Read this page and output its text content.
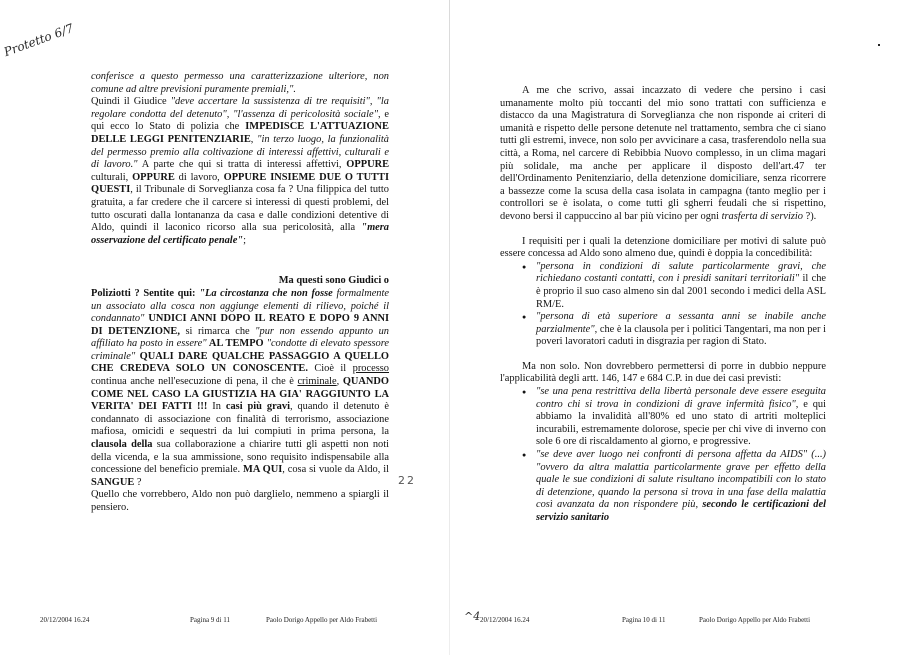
Protetto 6/7

conferisce a questo permesso una caratterizzazione ulteriore, non comune ad altre previsioni puramente premiali,".

Quindi il Giudice "deve accertare la sussistenza di tre requisiti", "la regolare condotta del detenuto", "l'assenza di pericolosità sociale", e qui ecco lo Stato di polizia che IMPEDISCE L'ATTUAZIONE DELLE LEGGI PENITENZIARIE, "in terzo luogo, la funzionalità del permesso premio alla coltivazione di interessi affettivi, culturali e di lavoro." A parte che qui si tratta di interessi affettivi, OPPURE culturali, OPPURE di lavoro, OPPURE INSIEME DUE O TUTTI QUESTI, il Tribunale di Sorveglianza cosa fa ? Una filippica del tutto gratuita, a far credere che il carcere si interessi di questi problemi, del tutto oscurati dalla lontananza da casa e dalle condizioni detentive di Aldo, quindi il laconico ricorso alla sua pericolosità, alla "mera osservazione del certificato penale";

Ma questi sono Giudici o

Poliziotti ? Sentite qui: "La circostanza che non fosse formalmente un associato alla cosca non aggiunge elementi di rilievo, poiché il condannato" UNDICI ANNI DOPO IL REATO E DOPO 9 ANNI DI DETENZIONE, si rimarca che "pur non essendo appunto un affiliato ha posto in essere" AL TEMPO "condotte di elevato spessore criminale" QUALI DARE QUALCHE PASSAGGIO A QUELLO CHE CREDEVA SOLO UN CONOSCENTE. Cioè il processo continua anche nell'esecuzione di pena, il che è criminale, QUANDO COME NEL CASO LA GIUSTIZIA HA GIA' RAGGIUNTO LA VERITA' DEI FATTI !!! In casi più gravi, quando il detenuto è condannato di associazione con finalità di terrorismo, associazione mafiosa, omicidi e sequestri da lui compiuti in prima persona, la clausola della sua collaborazione a chiarire tutti gli aspetti non noti della vicenda, e la sua ammissione, sono requisito indispensabile alla concessione del beneficio premiale. MA QUI, cosa si vuole da Aldo, il SANGUE ?

Quello che vorrebbero, Aldo non può darglielo, nemmeno a spiargli il pensiero.

20/12/2004 16.24	Pagina 9 di 11	Paolo Dorigo Appello per Aldo Frabetti

A me che scrivo, assai incazzato di vedere che persino i casi umanamente molto più toccanti del mio sono trattati con sufficienza e distacco da una Magistratura di Sorveglianza che non risponde ai criteri di umanità e rispetto delle persone detenute nel trattamento, sembra che ci siano tutti gli estremi, invece, non solo per avvicinare a casa, trasferendolo nella sua città, a Roma, nel carcere di Rebibbia Nuovo complesso, in un clima magari più solidale, ma anche per applicare il disposto dell'art.47 ter dell'Ordinamento Penitenziario, della detenzione domiciliare, senza ricorrere a bassezze come la scusa della casa isolata in campagna (tanto meglio per i controllori se è isolata, o come tutti gli sgherri feudali che si rispettino, devono bersi il cappuccino al bar più vicino per ogni trasferta di servizio ?).

I requisiti per i quali la detenzione domiciliare per motivi di salute può essere concessa ad Aldo sono almeno due, quindi è doppia la concedibilità:

● "persona in condizioni di salute particolarmente gravi, che richiedano costanti contatti, con i presidi sanitari territoriali" il che è proprio il suo caso almeno sin dal 2001 secondo i medici della ASL RM/E.
● "persona di età superiore a sessanta anni se inabile anche parzialmente", che è la clausola per i politici Tangentari, ma non per i poveri lavoratori caduti in disgrazia per ragion di Stato.

Ma non solo. Non dovrebbero permettersi di porre in dubbio neppure l'applicabilità degli artt. 146, 147 e 684 C.P. in due dei casi previsti:

● "se una pena restrittiva della libertà personale deve essere eseguita contro chi si trova in condizioni di grave infermità fisico", e qui abbiamo la invalidità all'80% ed uno stato di artriti molteplici incurabili, estremamente dolorose, specie per chi vive di inverno con sole 6 ore di riscaldamento al giorno, e progressive.
● "se deve aver luogo nei confronti di persona affetta da AIDS" (...) "ovvero da altra malattia particolarmente grave per effetto della quale le sue condizioni di salute risultano incompatibili con lo stato di detenzione, quando la persona si trova in una fase della malattia così avanzata da non rispondere più, secondo le certificazioni del servizio sanitario
22
^4 20/12/2004 16.24	Pagina 10 di 11	Paolo Dorigo Appello per Aldo Frabetti
